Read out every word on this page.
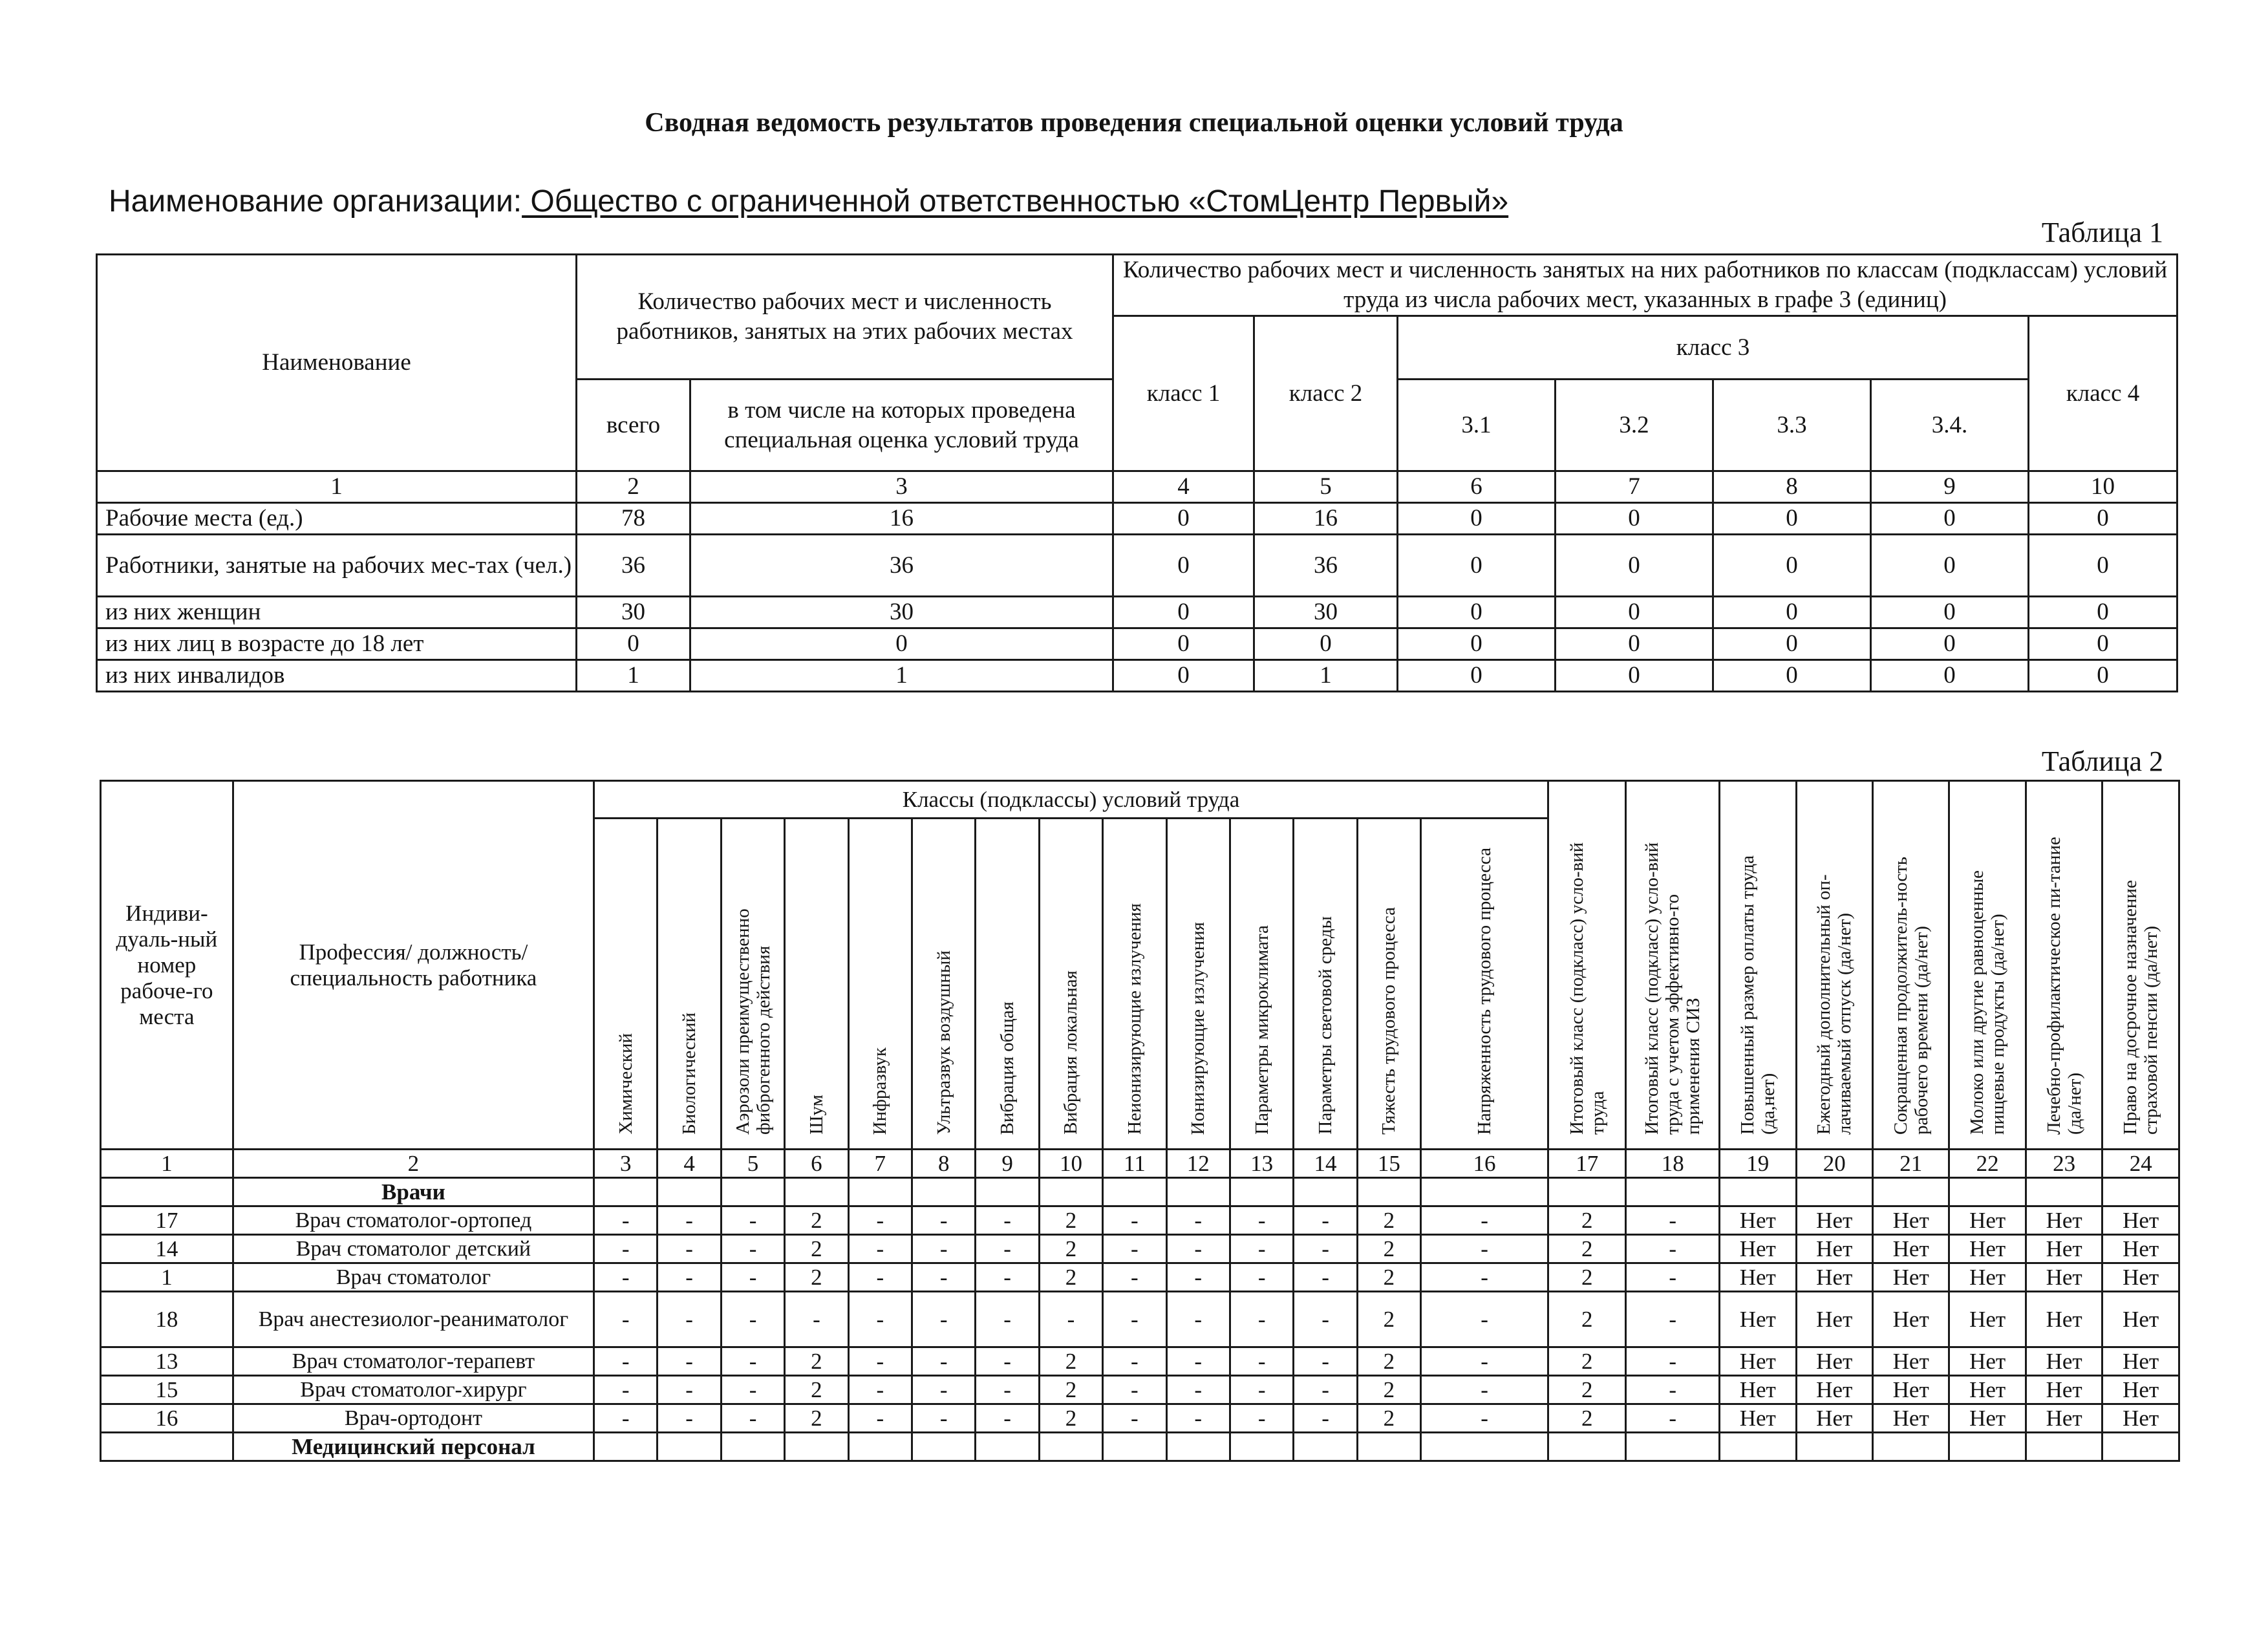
Сводная ведомость результатов проведения специальной оценки условий труда
Наименование организации: Общество с ограниченной ответственностью «СтомЦентр Первый»
Таблица 1
Наименование	Количество рабочих мест и численность работников, занятых на этих рабочих местах		Количество рабочих мест и численность занятых на них работников по классам (подклассам) условий труда из числа рабочих мест, указанных в графе 3 (единиц)						
			класс 1	класс 2	класс 3				класс 4
	всего	в том числе на которых проведена специальная оценка условий труда			3.1	3.2	3.3	3.4.	
1	2	3	4	5	6	7	8	9	10
Рабочие места (ед.)	78	16	0	16	0	0	0	0	0
Работники, занятые на рабочих мес-тах (чел.)	36	36	0	36	0	0	0	0	0
из них женщин	30	30	0	30	0	0	0	0	0
из них лиц в возрасте до 18 лет	0	0	0	0	0	0	0	0	0
из них инвалидов	1	1	0	1	0	0	0	0	0
Таблица 2
Индиви-дуаль-ный номер рабоче-го места	Профессия/ должность/ специальность работника	Классы (подклассы) условий труда														Итоговый класс (подкласс) усло-вий труда	Итоговый класс (подкласс) усло-вий труда с учетом эффективно-го применения СИЗ	Повышенный размер оплаты труда (да,нет)	Ежегодный дополнительный оп-лачиваемый отпуск (да/нет)	Сокращенная продолжитель-ность рабочего времени (да/нет)	Молоко или другие равноценные пищевые продукты (да/нет)	Лечебно-профилактическое пи-тание (да/нет)	Право на досрочное назначение страховой пенсии (да/нет)
		Химический	Биологический	Аэрозоли преимущественно фиброгенного действия	Шум	Инфразвук	Ультразвук воздушный	Вибрация общая	Вибрация локальная	Неионизирующие излучения	Ионизирующие излучения	Параметры микроклимата	Параметры световой среды	Тяжесть трудового процесса	Напряженность трудового процесса								
1	2	3	4	5	6	7	8	9	10	11	12	13	14	15	16	17	18	19	20	21	22	23	24
	Врачи																						
17	Врач стоматолог-ортопед	-	-	-	2	-	-	-	2	-	-	-	-	2	-	2	-	Нет	Нет	Нет	Нет	Нет	Нет
14	Врач стоматолог детский	-	-	-	2	-	-	-	2	-	-	-	-	2	-	2	-	Нет	Нет	Нет	Нет	Нет	Нет
1	Врач стоматолог	-	-	-	2	-	-	-	2	-	-	-	-	2	-	2	-	Нет	Нет	Нет	Нет	Нет	Нет
18	Врач анестезиолог-реаниматолог	-	-	-	-	-	-	-	-	-	-	-	-	2	-	2	-	Нет	Нет	Нет	Нет	Нет	Нет
13	Врач стоматолог-терапевт	-	-	-	2	-	-	-	2	-	-	-	-	2	-	2	-	Нет	Нет	Нет	Нет	Нет	Нет
15	Врач стоматолог-хирург	-	-	-	2	-	-	-	2	-	-	-	-	2	-	2	-	Нет	Нет	Нет	Нет	Нет	Нет
16	Врач-ортодонт	-	-	-	2	-	-	-	2	-	-	-	-	2	-	2	-	Нет	Нет	Нет	Нет	Нет	Нет
	Медицинский персонал																						
